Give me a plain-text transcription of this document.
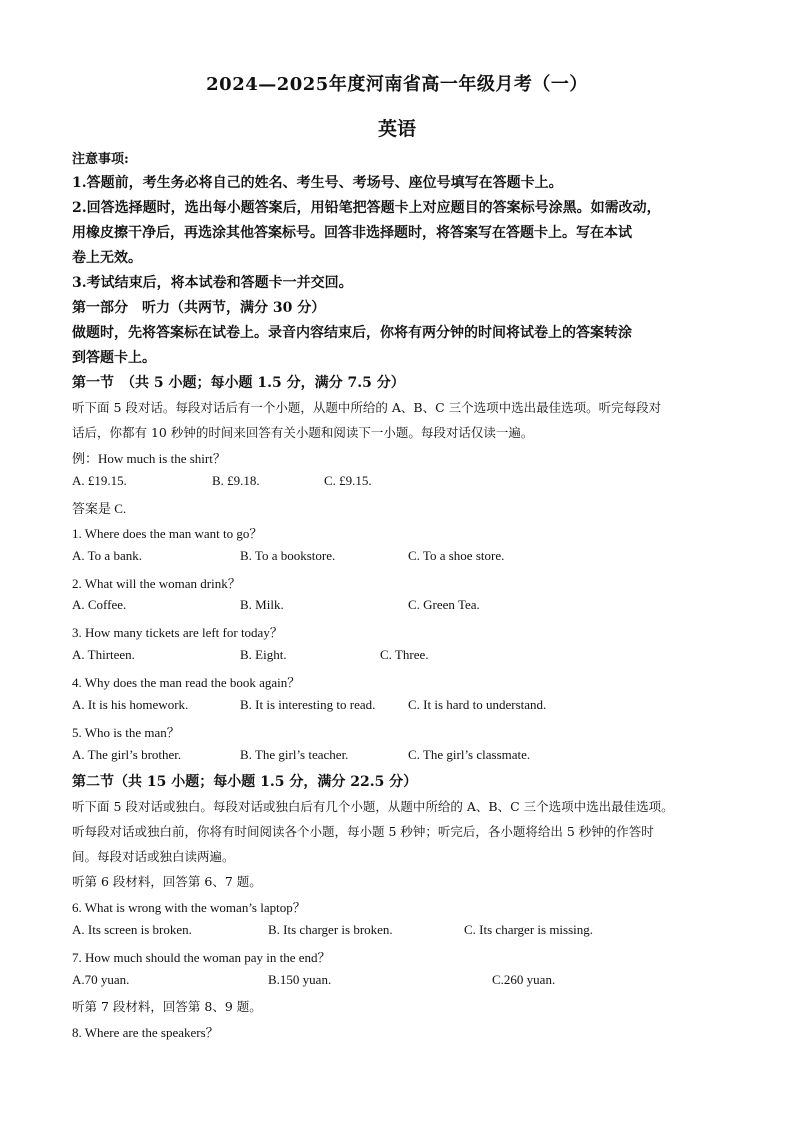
2024—2025年度河南省高一年级月考（一）
英语
注意事项:
1.答题前，考生务必将自己的姓名、考生号、考场号、座位号填写在答题卡上。
2.回答选择题时，选出每小题答案后，用铅笔把答题卡上对应题目的答案标号涂黑。如需改动，
用橡皮擦干净后，再选涂其他答案标号。回答非选择题时，将答案写在答题卡上。写在本试
卷上无效。
3.考试结束后，将本试卷和答题卡一并交回。
第一部分　听力（共两节，满分 30 分）
做题时，先将答案标在试卷上。录音内容结束后，你将有两分钟的时间将试卷上的答案转涂
到答题卡上。
第一节　（共 5 小题；每小题 1.5 分，满分 7.5 分）
听下面 5 段对话。每段对话后有一个小题，从题中所给的 A、B、C 三个选项中选出最佳选项。听完每段对
话后，你都有 10 秒钟的时间来回答有关小题和阅读下一小题。每段对话仅读一遍。
例：How much is the shirt？
A. £19.15.	B. £9.18.	C. £9.15.
答案是 C.
1. Where does the man want to go？
A. To a bank.	B. To a bookstore.	C. To a shoe store.
2. What will the woman drink？
A. Coffee.	B. Milk.	C. Green Tea.
3. How many tickets are left for today？
A. Thirteen.	B. Eight.	C. Three.
4. Why does the man read the book again？
A. It is his homework.	B. It is interesting to read.	C. It is hard to understand.
5. Who is the man？
A. The girl’s brother.	B. The girl’s teacher.	C. The girl’s classmate.
第二节（共 15 小题；每小题 1.5 分，满分 22.5 分）
听下面 5 段对话或独白。每段对话或独白后有几个小题，从题中所给的 A、B、C 三个选项中选出最佳选项。
听每段对话或独白前，你将有时间阅读各个小题，每小题 5 秒钟；听完后，各小题将给出 5 秒钟的作答时
间。每段对话或独白读两遍。
听第 6 段材料，回答第 6、7 题。
6. What is wrong with the woman’s laptop？
A. Its screen is broken.	B. Its charger is broken.	C. Its charger is missing.
7. How much should the woman pay in the end？
A.70 yuan.	B.150 yuan.	C.260 yuan.
听第 7 段材料，回答第 8、9 题。
8. Where are the speakers？
